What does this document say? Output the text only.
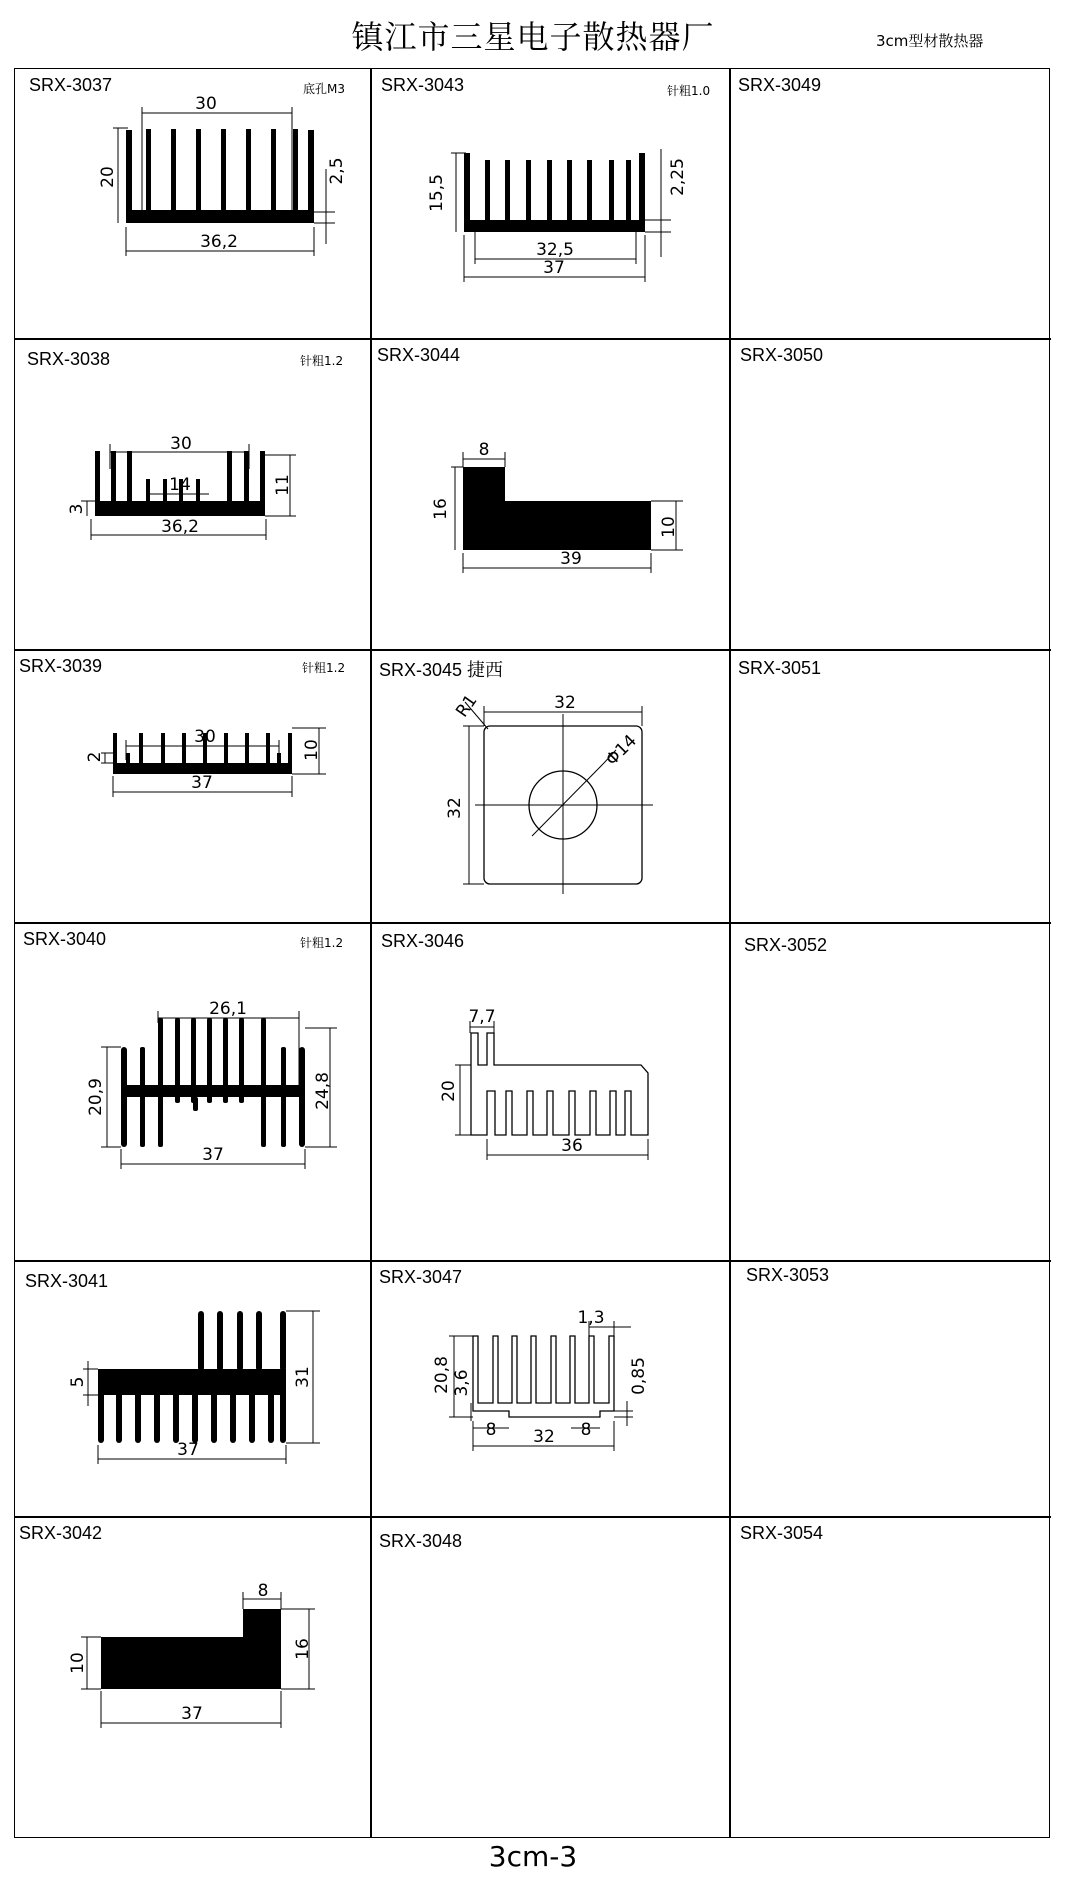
镇江市三星电子散热器厂	3cm型材散热器
SRX-3037	底孔M3
30
20	2,5
36,2
SRX-3043	针粗1.0
15,5	2,25
32,5
37
SRX-3049
SRX-3038	针粗1.2
30
14
3
11
36,2
SRX-3044
8
16
10
39
SRX-3050
SRX-3039	针粗1.2
30
2	10
37
SRX-3045 捷西
R1	32
32
Φ14
SRX-3051
SRX-3040	针粗1.2
26,1
20,9	24,8
37
SRX-3046
7,7
20
36
SRX-3052
SRX-3041
5	31
37
SRX-3047
1,3
20,8 3,6	0,85
8	8
32
SRX-3053
SRX-3042
8
10
16
37
SRX-3048	SRX-3054
3cm-3
